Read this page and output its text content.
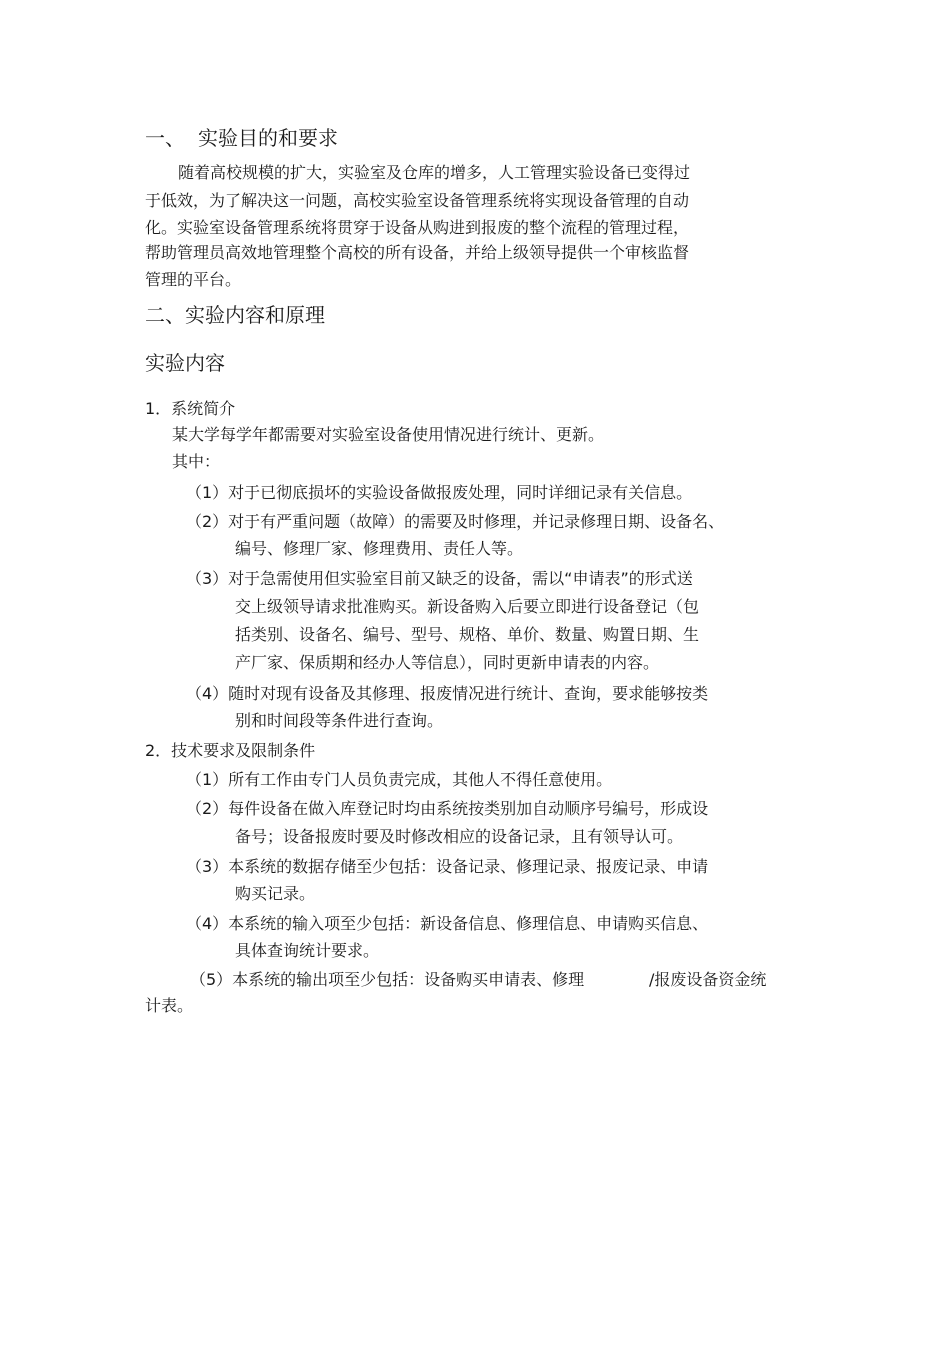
一、 实验目的和要求
随着高校规模的扩大，实验室及仓库的增多，人工管理实验设备已变得过
于低效，为了解决这一问题，高校实验室设备管理系统将实现设备管理的自动
化。实验室设备管理系统将贯穿于设备从购进到报废的整个流程的管理过程，
帮助管理员高效地管理整个高校的所有设备，并给上级领导提供一个审核监督
管理的平台。
二、实验内容和原理
实验内容
1．系统简介
某大学每学年都需要对实验室设备使用情况进行统计、更新。
其中：
（1）对于已彻底损坏的实验设备做报废处理，同时详细记录有关信息。
（2）对于有严重问题（故障）的需要及时修理，并记录修理日期、设备名、
编号、修理厂家、修理费用、责任人等。
（3）对于急需使用但实验室目前又缺乏的设备，需以“申请表”的形式送
交上级领导请求批准购买。新设备购入后要立即进行设备登记（包
括类别、设备名、编号、型号、规格、单价、数量、购置日期、生
产厂家、保质期和经办人等信息），同时更新申请表的内容。
（4）随时对现有设备及其修理、报废情况进行统计、查询，要求能够按类
别和时间段等条件进行查询。
2．技术要求及限制条件
（1）所有工作由专门人员负责完成，其他人不得任意使用。
（2）每件设备在做入库登记时均由系统按类别加自动顺序号编号，形成设
备号；设备报废时要及时修改相应的设备记录，且有领导认可。
（3）本系统的数据存储至少包括：设备记录、修理记录、报废记录、申请
购买记录。
（4）本系统的输入项至少包括：新设备信息、修理信息、申请购买信息、
具体查询统计要求。
（5）本系统的输出项至少包括：设备购买申请表、修理	/报废设备资金统
计表。
